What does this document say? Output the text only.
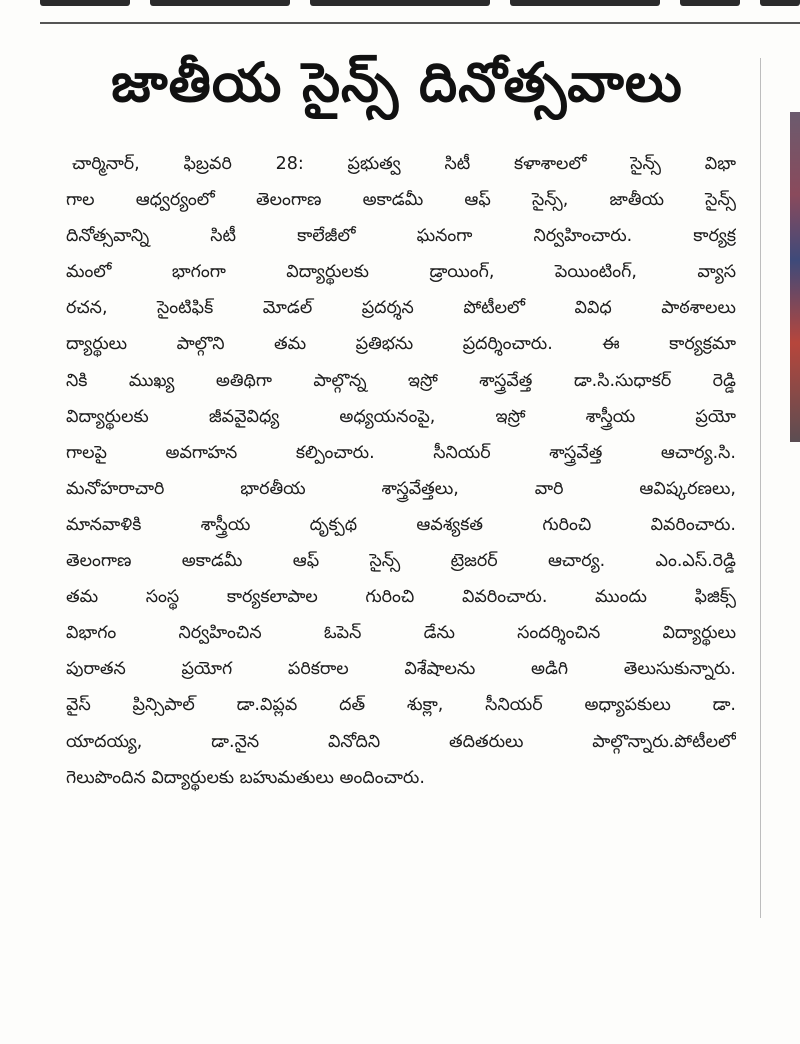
జాతీయ సైన్స్ దినోత్సవాలు
చార్మినార్, ఫిబ్రవరి 28: ప్రభుత్వ సిటీ కళాశాలలో సైన్స్ విభా
గాల ఆధ్వర్యంలో తెలంగాణ అకాడమీ ఆఫ్ సైన్స్, జాతీయ సైన్స్
దినోత్సవాన్ని సిటీ కాలేజీలో ఘనంగా నిర్వహించారు. కార్యక్ర
మంలో భాగంగా విద్యార్థులకు డ్రాయింగ్, పెయింటింగ్, వ్యాస
రచన, సైంటిఫిక్ మోడల్ ప్రదర్శన పోటీలలో వివిధ పాఠశాలలు
ద్యార్థులు పాల్గొని తమ ప్రతిభను ప్రదర్శించారు. ఈ కార్యక్రమా
నికి ముఖ్య అతిథిగా పాల్గొన్న ఇస్రో శాస్త్రవేత్త డా.సి.సుధాకర్ రెడ్డి
విద్యార్థులకు జీవవైవిధ్య అధ్యయనంపై, ఇస్రో శాస్త్రీయ ప్రయో
గాలపై అవగాహన కల్పించారు. సీనియర్ శాస్త్రవేత్త ఆచార్య.సి.
మనోహరాచారి భారతీయ శాస్త్రవేత్తలు, వారి ఆవిష్కరణలు,
మానవాళికి శాస్త్రీయ దృక్పథ ఆవశ్యకత గురించి వివరించారు.
తెలంగాణ అకాడమీ ఆఫ్ సైన్స్ ట్రెజరర్ ఆచార్య. ఎం.ఎస్.రెడ్డి
తమ సంస్థ కార్యకలాపాల గురించి వివరించారు. ముందు ఫిజిక్స్
విభాగం నిర్వహించిన ఓపెన్ డేను సందర్శించిన విద్యార్థులు
పురాతన ప్రయోగ పరికరాల విశేషాలను అడిగి తెలుసుకున్నారు.
వైస్ ప్రిన్సిపాల్ డా.విప్లవ దత్ శుక్లా, సీనియర్ అధ్యాపకులు డా.
యాదయ్య, డా.నైన వినోదిని తదితరులు పాల్గొన్నారు.పోటీలలో
గెలుపొందిన విద్యార్థులకు బహుమతులు అందించారు.
